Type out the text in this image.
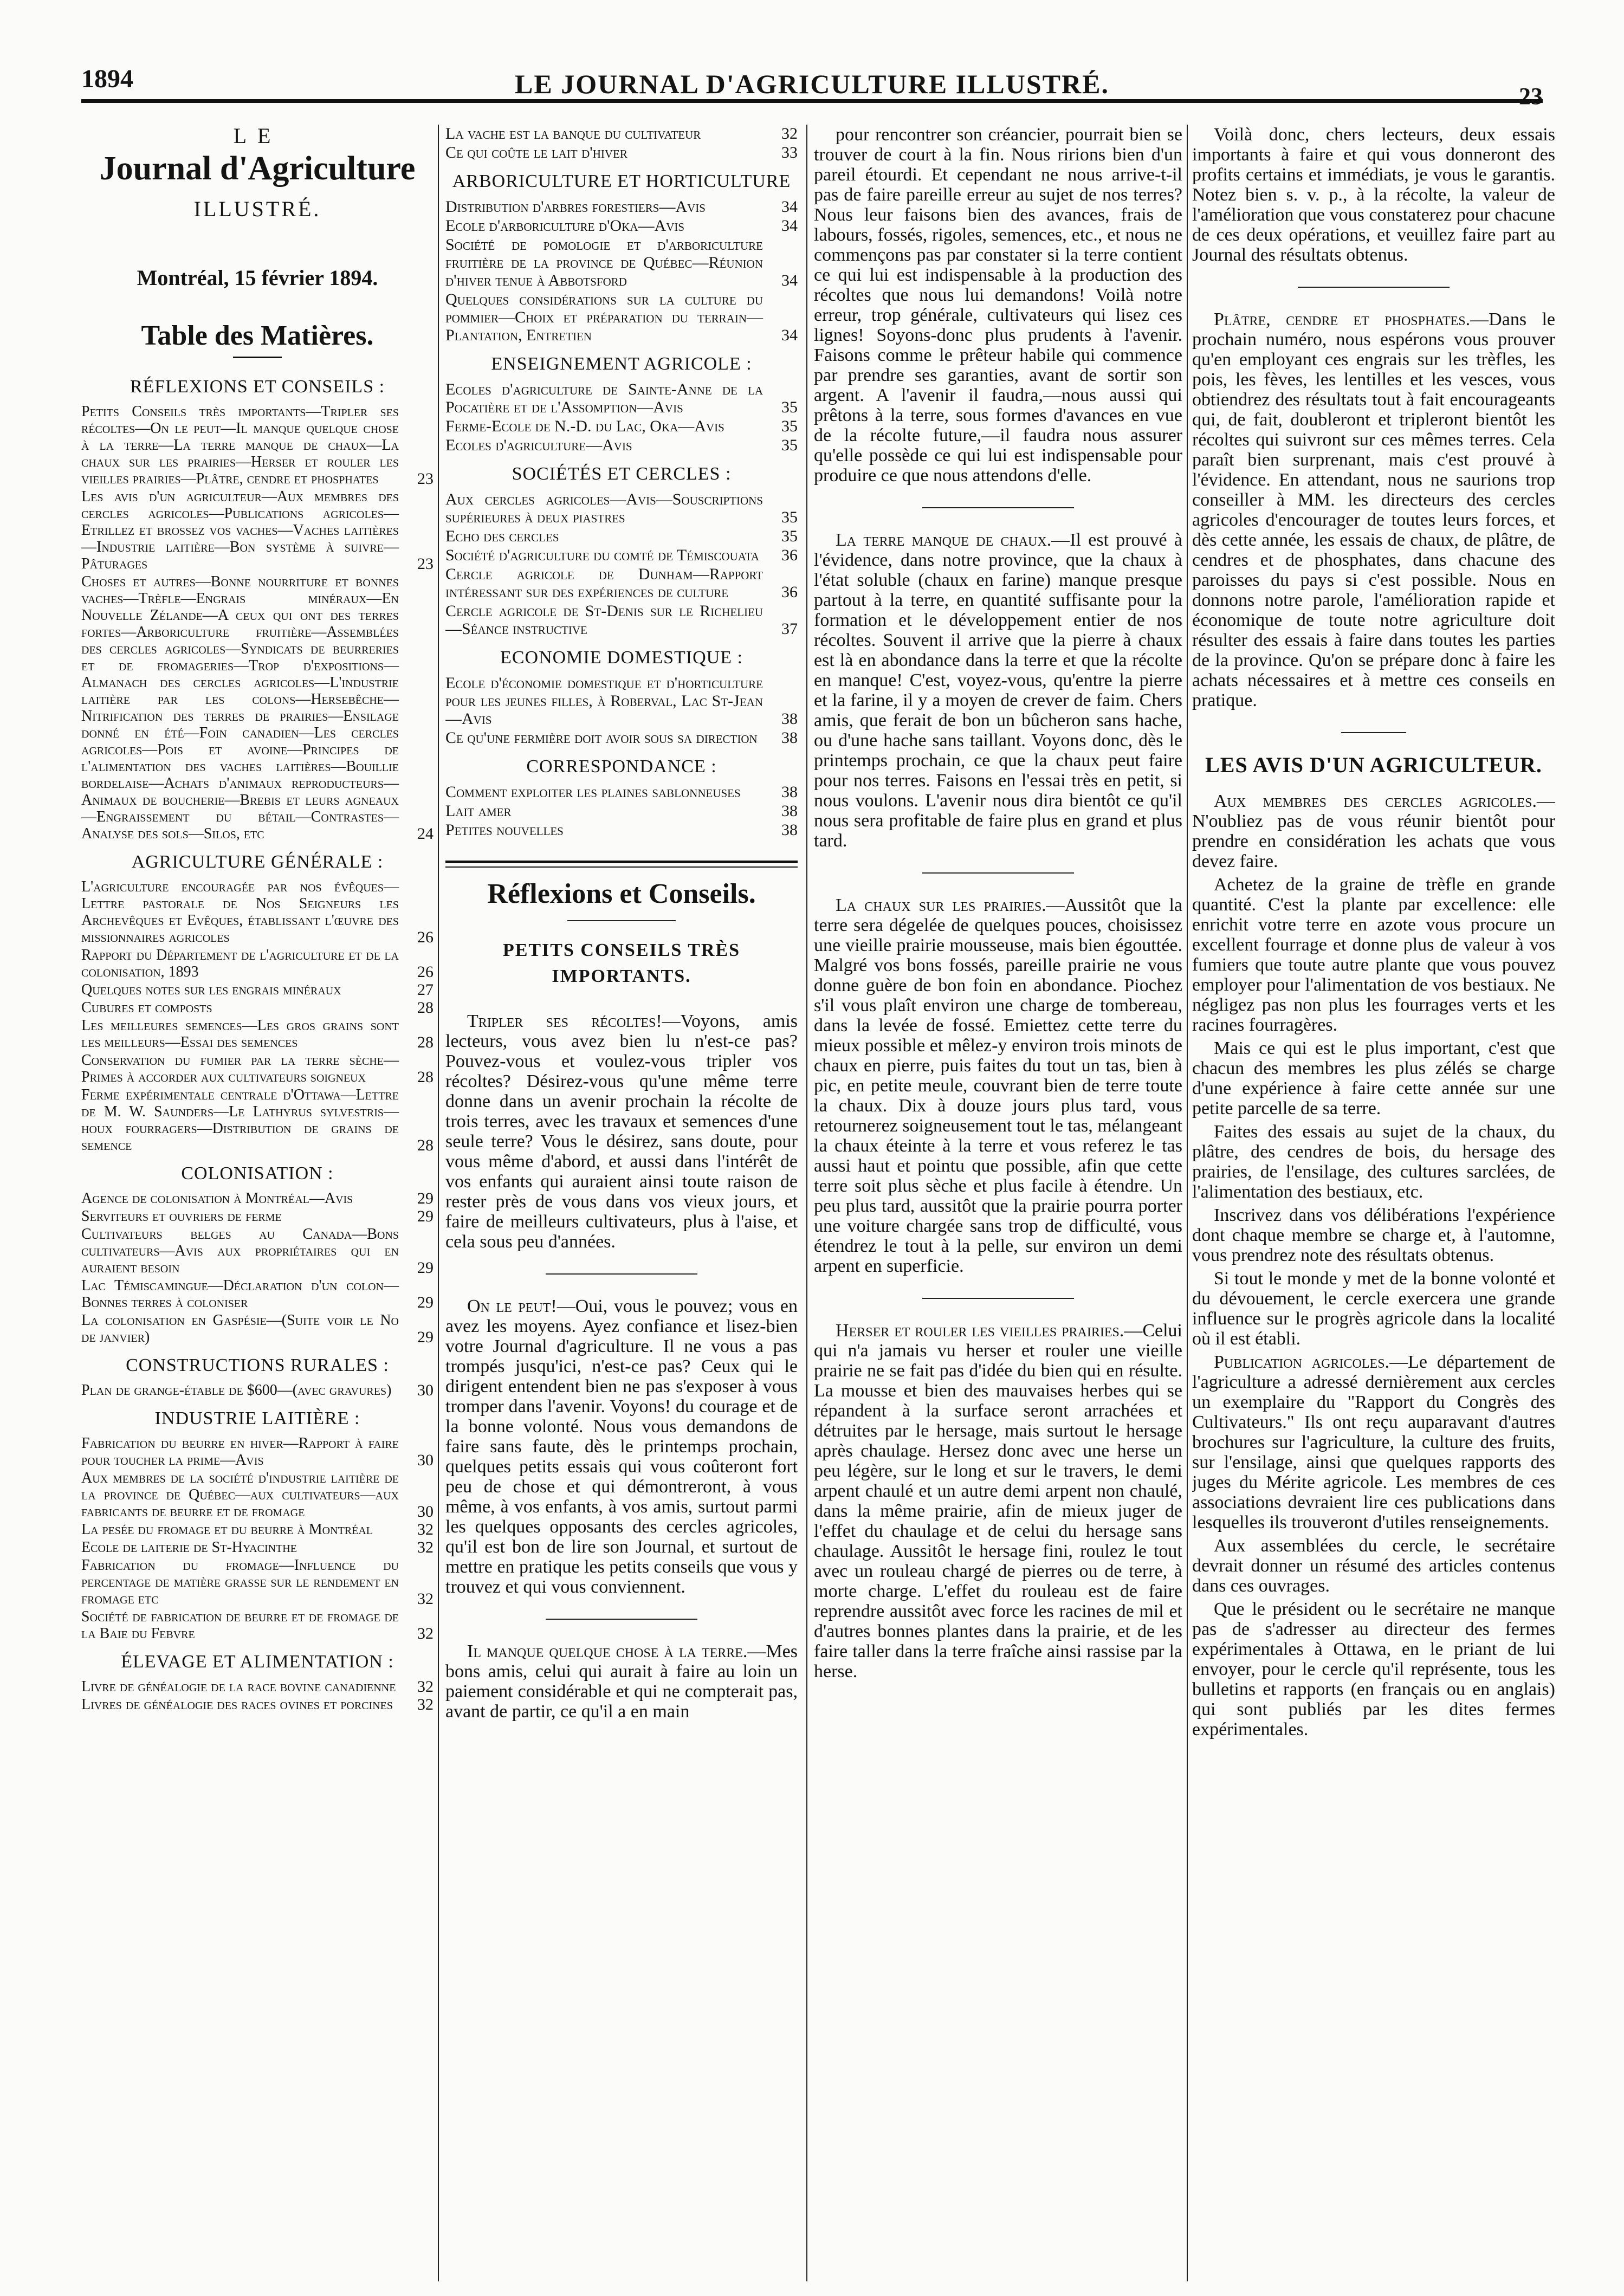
1894	LE JOURNAL D'AGRICULTURE ILLUSTRÉ.	23
LE
Journal d'Agriculture
ILLUSTRÉ.
Montréal, 15 février 1894.
Table des Matières.
RÉFLEXIONS ET CONSEILS :
Petits Conseils très importants—Tripler ses récoltes—On le peut—Il manque quelque chose à la terre—La terre manque de chaux—La chaux sur les prairies—Herser et rouler les vieilles prairies—Plâtre, cendre et phosphates	23
Les avis d'un agriculteur—Aux membres des cercles agricoles—Publications agricoles—Etrillez et brossez vos vaches—Vaches laitières—Industrie laitière—Bon système à suivre—Pâturages	23
Choses et autres—Bonne nourriture et bonnes vaches—Trèfle—Engrais minéraux—En Nouvelle Zélande—A ceux qui ont des terres fortes—Arboriculture fruitière—Assemblées des cercles agricoles—Syndicats de beurreries et de fromageries—Trop d'expositions—Almanach des cercles agricoles—L'industrie laitière par les colons—Hersebêche—Nitrification des terres de prairies—Ensilage donné en été—Foin canadien—Les cercles agricoles—Pois et avoine—Principes de l'alimentation des vaches laitières—Bouillie bordelaise—Achats d'animaux reproducteurs—Animaux de boucherie—Brebis et leurs agneaux—Engraissement du bétail—Contrastes—Analyse des sols—Silos, etc	24
AGRICULTURE GÉNÉRALE :
L'agriculture encouragée par nos évêques—Lettre pastorale de Nos Seigneurs les Archevêques et Evêques, établissant l'œuvre des missionnaires agricoles	26
Rapport du Département de l'agriculture et de la colonisation, 1893	26
Quelques notes sur les engrais minéraux	27
Cubures et composts	28
Les meilleures semences—Les gros grains sont les meilleurs—Essai des semences	28
Conservation du fumier par la terre sèche—Primes à accorder aux cultivateurs soigneux	28
Ferme expérimentale centrale d'Ottawa—Lettre de M. W. Saunders—Le Lathyrus sylvestris—houx fourragers—Distribution de grains de semence	28
COLONISATION :
Agence de colonisation à Montréal—Avis	29
Serviteurs et ouvriers de ferme	29
Cultivateurs belges au Canada—Bons cultivateurs—Avis aux propriétaires qui en auraient besoin	29
Lac Témiscamingue—Déclaration d'un colon—Bonnes terres à coloniser	29
La colonisation en Gaspésie—(Suite voir le No de janvier)	29
CONSTRUCTIONS RURALES :
Plan de grange-étable de $600—(avec gravures)	30
INDUSTRIE LAITIÈRE :
Fabrication du beurre en hiver—Rapport à faire pour toucher la prime—Avis	30
Aux membres de la société d'industrie laitière de la province de Québec—aux cultivateurs—aux fabricants de beurre et de fromage	30
La pesée du fromage et du beurre à Montréal	32
Ecole de laiterie de St-Hyacinthe	32
Fabrication du fromage—Influence du percentage de matière grasse sur le rendement en fromage etc	32
Société de fabrication de beurre et de fromage de la Baie du Febvre	32
ÉLEVAGE ET ALIMENTATION :
Livre de généalogie de la race bovine canadienne	32
Livres de généalogie des races ovines et porcines	32
La vache est la banque du cultivateur	32
Ce qui coûte le lait d'hiver	33
ARBORICULTURE ET HORTICULTURE
Distribution d'arbres forestiers—Avis	34
Ecole d'arboriculture d'Oka—Avis	34
Société de pomologie et d'arboriculture fruitière de la province de Québec—Réunion d'hiver tenue à Abbotsford	34
Quelques considérations sur la culture du pommier—Choix et préparation du terrain—Plantation, Entretien	34
ENSEIGNEMENT AGRICOLE :
Ecoles d'agriculture de Sainte-Anne de la Pocatière et de l'Assomption—Avis	35
Ferme-Ecole de N.-D. du Lac, Oka—Avis	35
Ecoles d'agriculture—Avis	35
SOCIÉTÉS ET CERCLES :
Aux cercles agricoles—Avis—Souscriptions supérieures à deux piastres	35
Echo des cercles	35
Société d'agriculture du comté de Témiscouata	36
Cercle agricole de Dunham—Rapport intéressant sur des expériences de culture	36
Cercle agricole de St-Denis sur le Richelieu—Séance instructive	37
ECONOMIE DOMESTIQUE :
Ecole d'économie domestique et d'horticulture pour les jeunes filles, à Roberval, Lac St-Jean—Avis	38
Ce qu'une fermière doit avoir sous sa direction	38
CORRESPONDANCE :
Comment exploiter les plaines sablonneuses	38
Lait amer	38
Petites nouvelles	38
Réflexions et Conseils.
PETITS CONSEILS TRÈS IMPORTANTS.

Tripler ses récoltes!—Voyons, amis lecteurs, vous avez bien lu n'est-ce pas? Pouvez-vous et voulez-vous tripler vos récoltes? Désirez-vous qu'une même terre donne dans un avenir prochain la récolte de trois terres, avec les travaux et semences d'une seule terre? Vous le désirez, sans doute, pour vous même d'abord, et aussi dans l'intérêt de vos enfants qui auraient ainsi toute raison de rester près de vous dans vos vieux jours, et faire de meilleurs cultivateurs, plus à l'aise, et cela sous peu d'années.

On le peut!—Oui, vous le pouvez; vous en avez les moyens. Ayez confiance et lisez-bien votre Journal d'agriculture. Il ne vous a pas trompés jusqu'ici, n'est-ce pas? Ceux qui le dirigent entendent bien ne pas s'exposer à vous tromper dans l'avenir. Voyons! du courage et de la bonne volonté. Nous vous demandons de faire sans faute, dès le printemps prochain, quelques petits essais qui vous coûteront fort peu de chose et qui démontreront, à vous même, à vos enfants, à vos amis, surtout parmi les quelques opposants des cercles agricoles, qu'il est bon de lire son Journal, et surtout de mettre en pratique les petits conseils que vous y trouvez et qui vous conviennent.

Il manque quelque chose à la terre.—Mes bons amis, celui qui aurait à faire au loin un paiement considérable et qui ne compterait pas, avant de partir, ce qu'il a en main

pour rencontrer son créancier, pourrait bien se trouver de court à la fin. Nous ririons bien d'un pareil étourdi. Et cependant ne nous arrive-t-il pas de faire pareille erreur au sujet de nos terres? Nous leur faisons bien des avances, frais de labours, fossés, rigoles, semences, etc., et nous ne commençons pas par constater si la terre contient ce qui lui est indispensable à la production des récoltes que nous lui demandons! Voilà notre erreur, trop générale, cultivateurs qui lisez ces lignes! Soyons-donc plus prudents à l'avenir. Faisons comme le prêteur habile qui commence par prendre ses garanties, avant de sortir son argent. A l'avenir il faudra,—nous aussi qui prêtons à la terre, sous formes d'avances en vue de la récolte future,—il faudra nous assurer qu'elle possède ce qui lui est indispensable pour produire ce que nous attendons d'elle.

La terre manque de chaux.—Il est prouvé à l'évidence, dans notre province, que la chaux à l'état soluble (chaux en farine) manque presque partout à la terre, en quantité suffisante pour la formation et le développement entier de nos récoltes. Souvent il arrive que la pierre à chaux est là en abondance dans la terre et que la récolte en manque! C'est, voyez-vous, qu'entre la pierre et la farine, il y a moyen de crever de faim. Chers amis, que ferait de bon un bûcheron sans hache, ou d'une hache sans taillant. Voyons donc, dès le printemps prochain, ce que la chaux peut faire pour nos terres. Faisons en l'essai très en petit, si nous voulons. L'avenir nous dira bientôt ce qu'il nous sera profitable de faire plus en grand et plus tard.

La chaux sur les prairies.—Aussitôt que la terre sera dégelée de quelques pouces, choisissez une vieille prairie mousseuse, mais bien égouttée. Malgré vos bons fossés, pareille prairie ne vous donne guère de bon foin en abondance. Piochez s'il vous plaît environ une charge de tombereau, dans la levée de fossé. Emiettez cette terre du mieux possible et mêlez-y environ trois minots de chaux en pierre, puis faites du tout un tas, bien à pic, en petite meule, couvrant bien de terre toute la chaux. Dix à douze jours plus tard, vous retournerez soigneusement tout le tas, mélangeant la chaux éteinte à la terre et vous referez le tas aussi haut et pointu que possible, afin que cette terre soit plus sèche et plus facile à étendre. Un peu plus tard, aussitôt que la prairie pourra porter une voiture chargée sans trop de difficulté, vous étendrez le tout à la pelle, sur environ un demi arpent en superficie.

Herser et rouler les vieilles prairies.—Celui qui n'a jamais vu herser et rouler une vieille prairie ne se fait pas d'idée du bien qui en résulte. La mousse et bien des mauvaises herbes qui se répandent à la surface seront arrachées et détruites par le hersage, mais surtout le hersage après chaulage. Hersez donc avec une herse un peu légère, sur le long et sur le travers, le demi arpent chaulé et un autre demi arpent non chaulé, dans la même prairie, afin de mieux juger de l'effet du chaulage et de celui du hersage sans chaulage. Aussitôt le hersage fini, roulez le tout avec un rouleau chargé de pierres ou de terre, à morte charge. L'effet du rouleau est de faire reprendre aussitôt avec force les racines de mil et d'autres bonnes plantes dans la prairie, et de les faire taller dans la terre fraîche ainsi rassise par la herse.

Voilà donc, chers lecteurs, deux essais importants à faire et qui vous donneront des profits certains et immédiats, je vous le garantis. Notez bien s. v. p., à la récolte, la valeur de l'amélioration que vous constaterez pour chacune de ces deux opérations, et veuillez faire part au Journal des résultats obtenus.

Plâtre, cendre et phosphates.—Dans le prochain numéro, nous espérons vous prouver qu'en employant ces engrais sur les trèfles, les pois, les fèves, les lentilles et les vesces, vous obtiendrez des résultats tout à fait encourageants qui, de fait, doubleront et tripleront bientôt les récoltes qui suivront sur ces mêmes terres. Cela paraît bien surprenant, mais c'est prouvé à l'évidence. En attendant, nous ne saurions trop conseiller à MM. les directeurs des cercles agricoles d'encourager de toutes leurs forces, et dès cette année, les essais de chaux, de plâtre, de cendres et de phosphates, dans chacune des paroisses du pays si c'est possible. Nous en donnons notre parole, l'amélioration rapide et économique de toute notre agriculture doit résulter des essais à faire dans toutes les parties de la province. Qu'on se prépare donc à faire les achats nécessaires et à mettre ces conseils en pratique.

LES AVIS D'UN AGRICULTEUR.

Aux membres des cercles agricoles.—N'oubliez pas de vous réunir bientôt pour prendre en considération les achats que vous devez faire.

Achetez de la graine de trèfle en grande quantité. C'est la plante par excellence: elle enrichit votre terre en azote vous procure un excellent fourrage et donne plus de valeur à vos fumiers que toute autre plante que vous pouvez employer pour l'alimentation de vos bestiaux. Ne négligez pas non plus les fourrages verts et les racines fourragères.

Mais ce qui est le plus important, c'est que chacun des membres les plus zélés se charge d'une expérience à faire cette année sur une petite parcelle de sa terre.

Faites des essais au sujet de la chaux, du plâtre, des cendres de bois, du hersage des prairies, de l'ensilage, des cultures sarclées, de l'alimentation des bestiaux, etc.

Inscrivez dans vos délibérations l'expérience dont chaque membre se charge et, à l'automne, vous prendrez note des résultats obtenus.

Si tout le monde y met de la bonne volonté et du dévouement, le cercle exercera une grande influence sur le progrès agricole dans la localité où il est établi.

Publication agricoles.—Le département de l'agriculture a adressé dernièrement aux cercles un exemplaire du "Rapport du Congrès des Cultivateurs." Ils ont reçu auparavant d'autres brochures sur l'agriculture, la culture des fruits, sur l'ensilage, ainsi que quelques rapports des juges du Mérite agricole. Les membres de ces associations devraient lire ces publications dans lesquelles ils trouveront d'utiles renseignements.

Aux assemblées du cercle, le secrétaire devrait donner un résumé des articles contenus dans ces ouvrages.

Que le président ou le secrétaire ne manque pas de s'adresser au directeur des fermes expérimentales à Ottawa, en le priant de lui envoyer, pour le cercle qu'il représente, tous les bulletins et rapports (en français ou en anglais) qui sont publiés par les dites fermes expérimentales.
